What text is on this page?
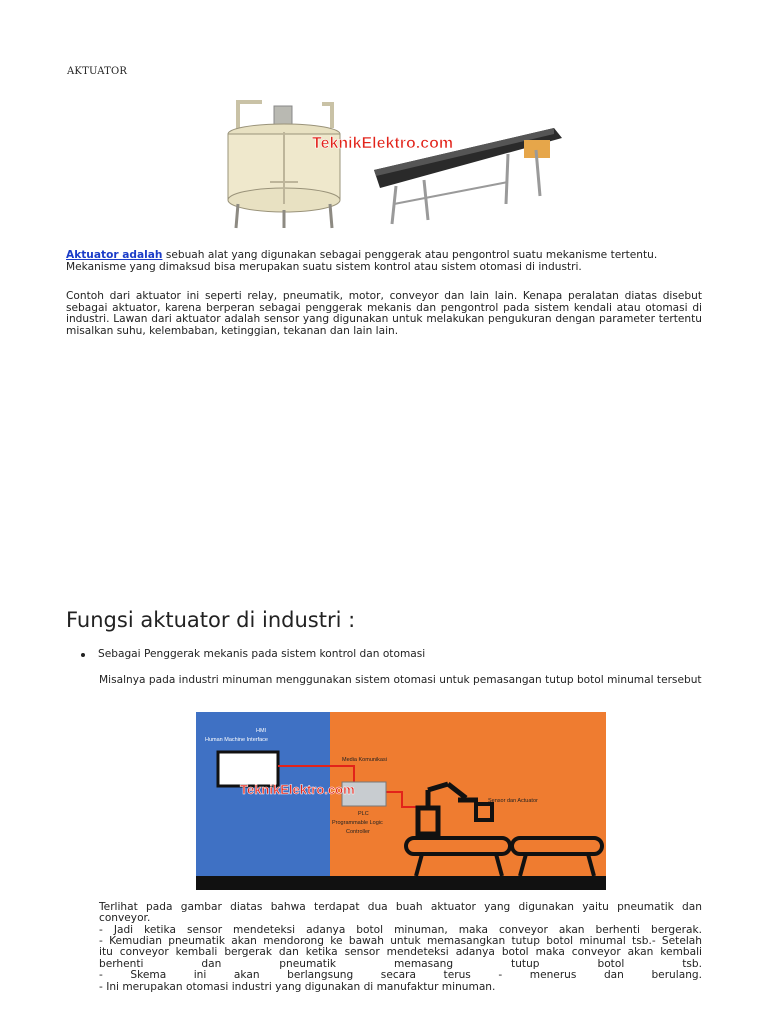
AKTUATOR
TeknikElektro.com
Aktuator adalah sebuah alat yang digunakan sebagai penggerak atau pengontrol suatu mekanisme tertentu.
Mekanisme yang dimaksud bisa merupakan suatu sistem kontrol atau sistem otomasi di industri.
Contoh dari aktuator ini seperti relay, pneumatik, motor, conveyor dan lain lain. Kenapa peralatan diatas disebut sebagai aktuator, karena berperan sebagai penggerak mekanis dan pengontrol pada sistem kendali atau otomasi di industri. Lawan dari aktuator adalah sensor yang digunakan untuk melakukan pengukuran dengan parameter tertentu misalkan suhu, kelembaban, ketinggian, tekanan dan lain lain.
Fungsi aktuator di industri :
Sebagai Penggerak mekanis pada sistem kontrol dan otomasi
Misalnya pada industri minuman menggunakan sistem otomasi untuk pemasangan tutup botol minumal tersebut
HMI
Human Machine Interface
Media Komunikasi
PLC
Programmable Logic
Controller
TeknikElektro.com
Sensor dan Actuator
Terlihat pada gambar diatas bahwa terdapat dua buah aktuator yang digunakan yaitu pneumatik dan
conveyor.
- Jadi ketika sensor mendeteksi adanya botol minuman, maka conveyor akan berhenti bergerak.
- Kemudian pneumatik akan mendorong ke bawah untuk memasangkan tutup botol minumal tsb.- Setelah
itu conveyor kembali bergerak dan ketika sensor mendeteksi adanya botol maka conveyor akan kembali
berhenti dan pneumatik memasang tutup botol tsb.
- Skema ini akan berlangsung secara terus - menerus dan berulang.
- Ini merupakan otomasi industri yang digunakan di manufaktur minuman.
